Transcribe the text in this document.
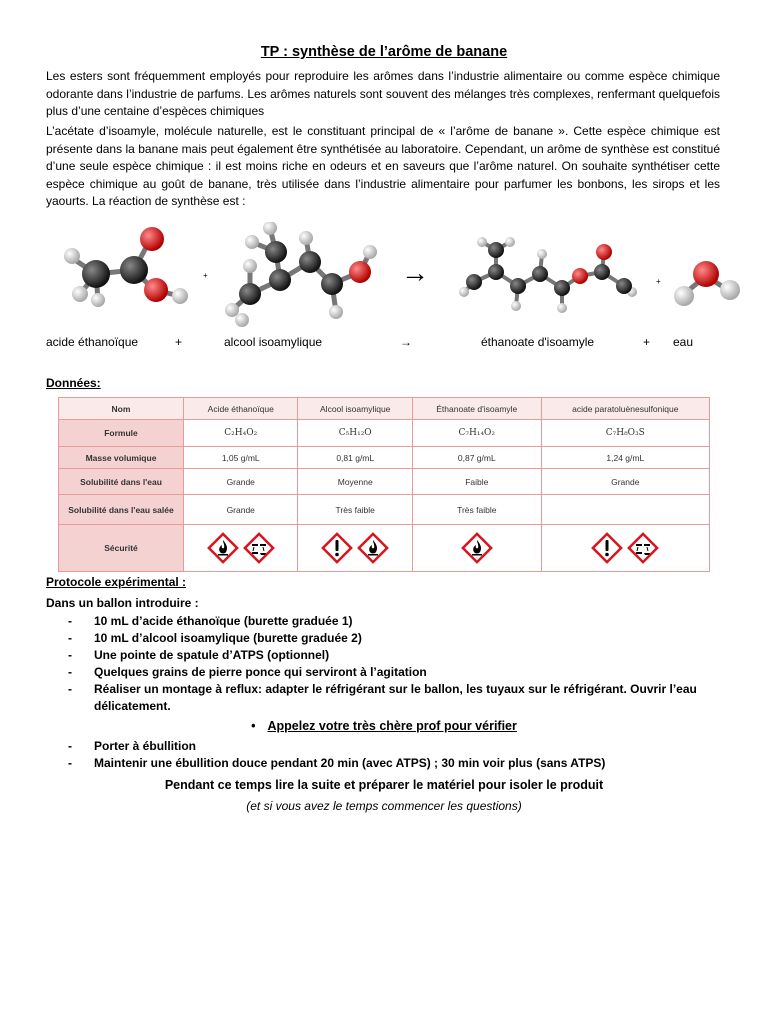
TP : synthèse de l’arôme de banane
Les esters sont fréquemment employés pour reproduire les arômes dans l’industrie alimentaire ou comme espèce chimique odorante dans l’industrie de parfums. Les arômes naturels sont souvent des mélanges très complexes, renfermant quelquefois plus d’une centaine d’espèces chimiques
L’acétate d’isoamyle, molécule naturelle, est le constituant principal de « l’arôme de banane ». Cette espèce chimique est présente dans la banane mais peut également être synthétisée au laboratoire. Cependant, un arôme de synthèse est constitué d’une seule espèce chimique : il est moins riche en odeurs et en saveurs que l’arôme naturel. On souhaite synthétiser cette espèce chimique au goût de banane, très utilisée dans l’industrie alimentaire pour parfumer les bonbons, les sirops et les yaourts. La réaction de synthèse est :
+	→	+
acide éthanoïque	+	alcool isoamylique	→	éthanoate d'isoamyle	+ eau
Données:
Nom	Acide éthanoïque	Alcool isoamylique	Éthanoate d'isoamyle	acide paratoluènesulfonique
Formule	C₂H₄O₂	C₅H₁₂O	C₇H₁₄O₂	C₇H₈O₃S
Masse volumique	1,05 g/mL	0,81 g/mL	0,87 g/mL	1,24 g/mL
Solubilité dans l'eau	Grande	Moyenne	Faible	Grande
Solubilité dans l'eau salée	Grande	Très faible	Très faible	
Sécurité				
Protocole expérimental :
Dans un ballon introduire :
- 10 mL d’acide éthanoïque (burette graduée 1)
- 10 mL d’alcool isoamylique (burette graduée 2)
- Une pointe de spatule d’ATPS (optionnel)
- Quelques grains de pierre ponce qui serviront à l’agitation
- Réaliser un montage à reflux: adapter le réfrigérant sur le ballon, les tuyaux sur le réfrigérant. Ouvrir l’eau délicatement.
• Appelez votre très chère prof pour vérifier
- Porter à ébullition
- Maintenir une ébullition douce pendant 20 min (avec ATPS) ; 30 min voir plus (sans ATPS)
Pendant ce temps lire la suite et préparer le matériel pour isoler le produit
(et si vous avez le temps commencer les questions)
